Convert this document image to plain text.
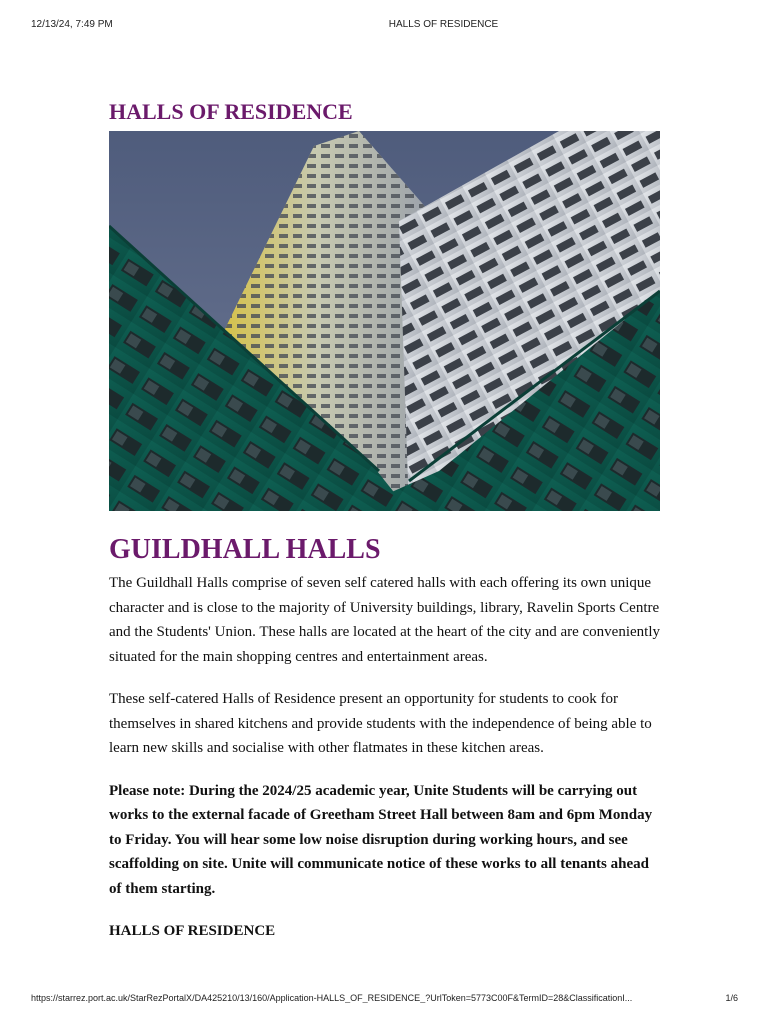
12/13/24, 7:49 PM	HALLS OF RESIDENCE
HALLS OF RESIDENCE
GUILDHALL HALLS

The Guildhall Halls comprise of seven self catered halls with each offering its own unique character and is close to the majority of University buildings, library, Ravelin Sports Centre and the Students' Union. These halls are located at the heart of the city and are conveniently situated for the main shopping centres and entertainment areas.

These self-catered Halls of Residence present an opportunity for students to cook for themselves in shared kitchens and provide students with the independence of being able to learn new skills and socialise with other flatmates in these kitchen areas.

Please note: During the 2024/25 academic year, Unite Students will be carrying out works to the external facade of Greetham Street Hall between 8am and 6pm Monday to Friday. You will hear some low noise disruption during working hours, and see scaffolding on site. Unite will communicate notice of these works to all tenants ahead of them starting.

HALLS OF RESIDENCE
https://starrez.port.ac.uk/StarRezPortalX/DA425210/13/160/Application-HALLS_OF_RESIDENCE_?UrlToken=5773C00F&TermID=28&ClassificationI...	1/6
